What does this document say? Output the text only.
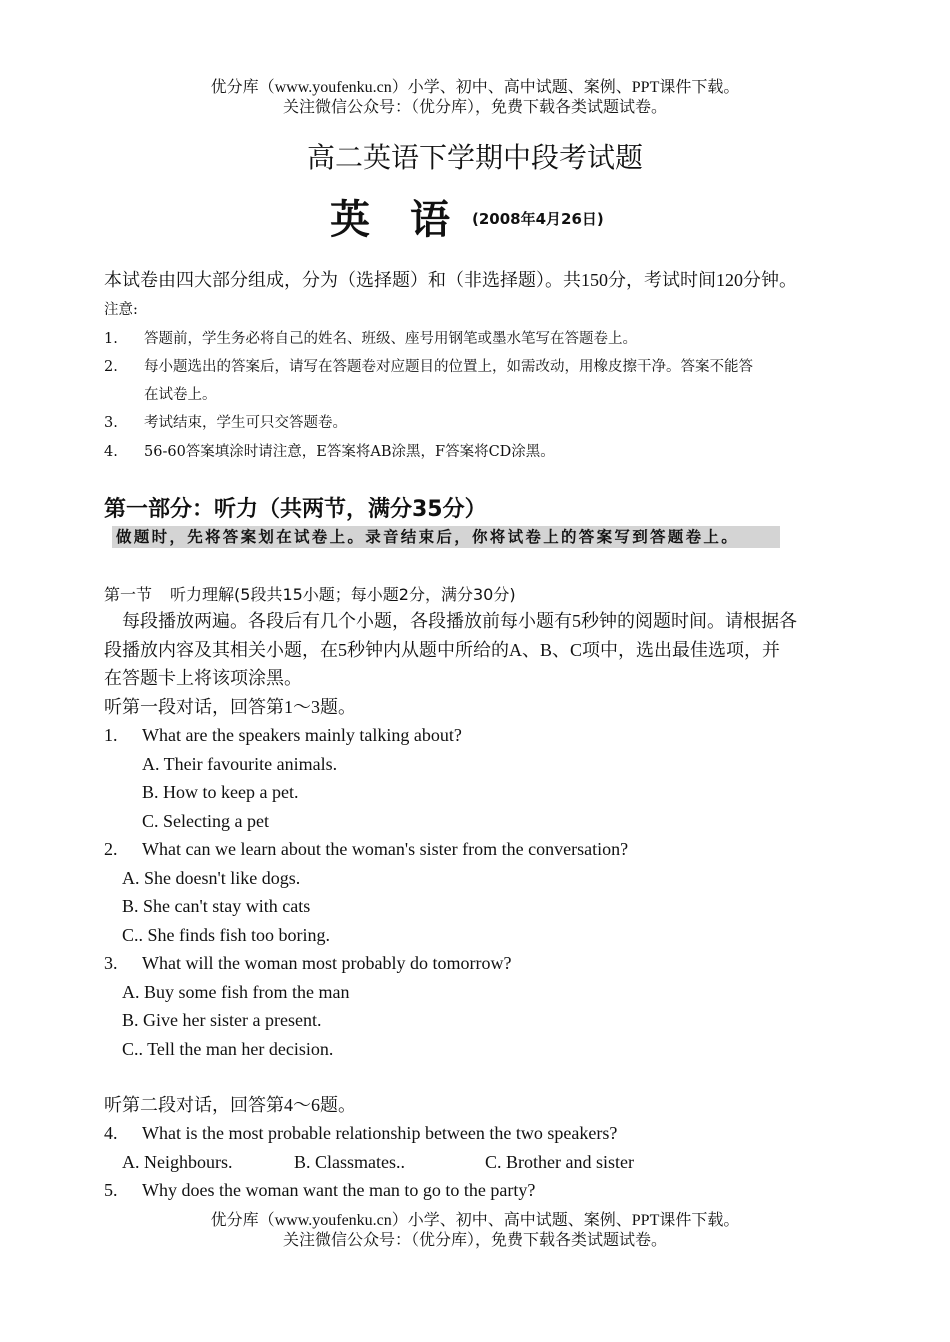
优分库（www.youfenku.cn）小学、初中、高中试题、案例、PPT课件下载。
关注微信公众号：（优分库），免费下载各类试题试卷。
高二英语下学期中段考试题
英语
(2008年4月26日)
本试卷由四大部分组成，分为（选择题）和（非选择题）。共150分，考试时间120分钟。
注意:
1. 答题前，学生务必将自己的姓名、班级、座号用钢笔或墨水笔写在答题卷上。
2. 每小题选出的答案后，请写在答题卷对应题目的位置上，如需改动，用橡皮擦干净。答案不能答
在试卷上。
3. 考试结束，学生可只交答题卷。
4. 56-60答案填涂时请注意，E答案将AB涂黑，F答案将CD涂黑。
第一部分：听力（共两节，满分35分）
做题时，先将答案划在试卷上。录音结束后，你将试卷上的答案写到答题卷上。
第一节 听力理解(5段共15小题；每小题2分，满分30分)
每段播放两遍。各段后有几个小题，各段播放前每小题有5秒钟的阅题时间。请根据各
段播放内容及其相关小题，在5秒钟内从题中所给的A、B、C项中，选出最佳选项，并
在答题卡上将该项涂黑。
听第一段对话，回答第1～3题。
1. What are the speakers mainly talking about?
A. Their favourite animals.
B. How to keep a pet.
C. Selecting a pet
2. What can we learn about the woman's sister from the conversation?
A. She doesn't like dogs.
B. She can't stay with cats
C.. She finds fish too boring.
3. What will the woman most probably do tomorrow?
A. Buy some fish from the man
B. Give her sister a present.
C.. Tell the man her decision.
听第二段对话，回答第4～6题。
4. What is the most probable relationship between the two speakers?
A. Neighbours.	B. Classmates..	C. Brother and sister
5. Why does the woman want the man to go to the party?
优分库（www.youfenku.cn）小学、初中、高中试题、案例、PPT课件下载。
关注微信公众号：（优分库），免费下载各类试题试卷。
